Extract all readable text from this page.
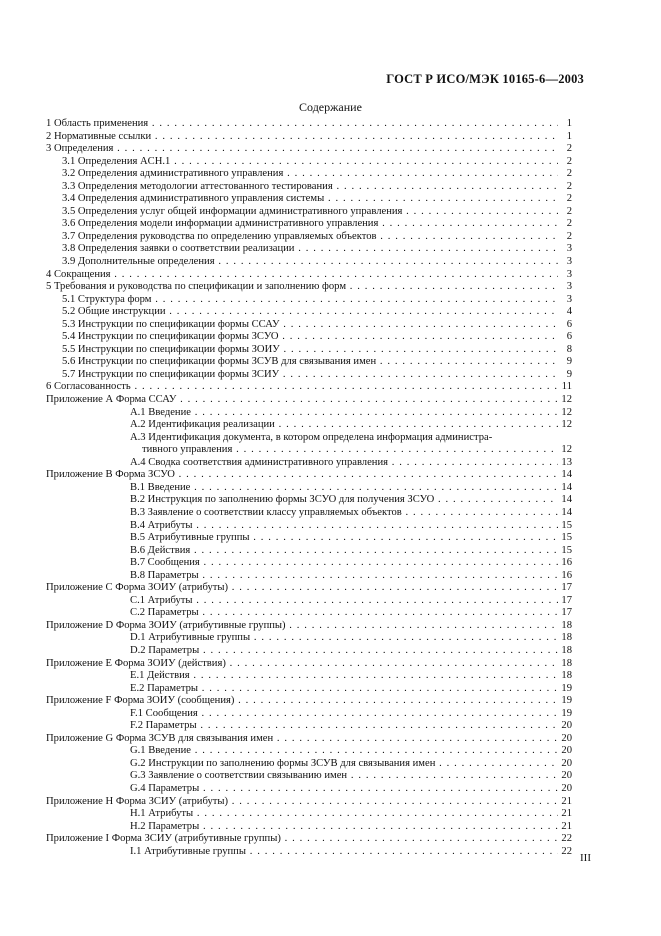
ГОСТ Р ИСО/МЭК 10165-6—2003
Содержание
1 Область применения . . .	1
2 Нормативные ссылки . . .	1
3 Определения . . .	2
3.1 Определения ACH.1 . . .	2
3.2 Определения административного управления . . .	2
3.3 Определения методологии аттестованного тестирования . . .	2
3.4 Определения административного управления системы . . .	2
3.5 Определения услуг общей информации административного управления . . .	2
3.6 Определения модели информации административного управления . . .	2
3.7 Определения руководства по определению управляемых объектов . . .	2
3.8 Определения заявки о соответствии реализации . . .	3
3.9 Дополнительные определения . . .	3
4 Сокращения . . .	3
5 Требования и руководства по спецификации и заполнению форм . . .	3
5.1 Структура форм . . .	3
5.2 Общие инструкции . . .	4
5.3 Инструкции по спецификации формы ССАУ . . .	6
5.4 Инструкции по спецификации формы ЗСУО . . .	6
5.5 Инструкции по спецификации формы ЗОИУ . . .	8
5.6 Инструкции по спецификации формы ЗСУВ для связывания имен . . .	9
5.7 Инструкции по спецификации формы ЗСИУ . . .	9
6 Согласованность . . .	11
Приложение А Форма ССАУ . . .	12
A.1 Введение . . .	12
A.2 Идентификация реализации . . .	12
A.3 Идентификация документа, в котором определена информация администра-
тивного управления . . .	12
A.4 Сводка соответствия административного управления . . .	13
Приложение В Форма ЗСУО . . .	14
B.1 Введение . . .	14
B.2 Инструкция по заполнению формы ЗСУО для получения ЗСУО . . .	14
B.3 Заявление о соответствии классу управляемых объектов . . .	14
B.4 Атрибуты . . .	15
B.5 Атрибутивные группы . . .	15
B.6 Действия . . .	15
B.7 Сообщения . . .	16
B.8 Параметры . . .	16
Приложение С Форма ЗОИУ (атрибуты) . . .	17
C.1 Атрибуты . . .	17
C.2 Параметры . . .	17
Приложение D Форма ЗОИУ (атрибутивные группы) . . .	18
D.1 Атрибутивные группы . . .	18
D.2 Параметры . . .	18
Приложение Е Форма ЗОИУ (действия) . . .	18
E.1 Действия . . .	18
E.2 Параметры . . .	19
Приложение F Форма ЗОИУ (сообщения) . . .	19
F.1 Сообщения . . .	19
F.2 Параметры . . .	20
Приложение G Форма ЗСУВ для связывания имен . . .	20
G.1 Введение . . .	20
G.2 Инструкции по заполнению формы ЗСУВ для связывания имен . . .	20
G.3 Заявление о соответствии связыванию имен . . .	20
G.4 Параметры . . .	20
Приложение Н Форма ЗСИУ (атрибуты) . . .	21
H.1 Атрибуты . . .	21
H.2 Параметры . . .	21
Приложение I Форма ЗСИУ (атрибутивные группы) . . .	22
I.1 Атрибутивные группы . . .	22
III
